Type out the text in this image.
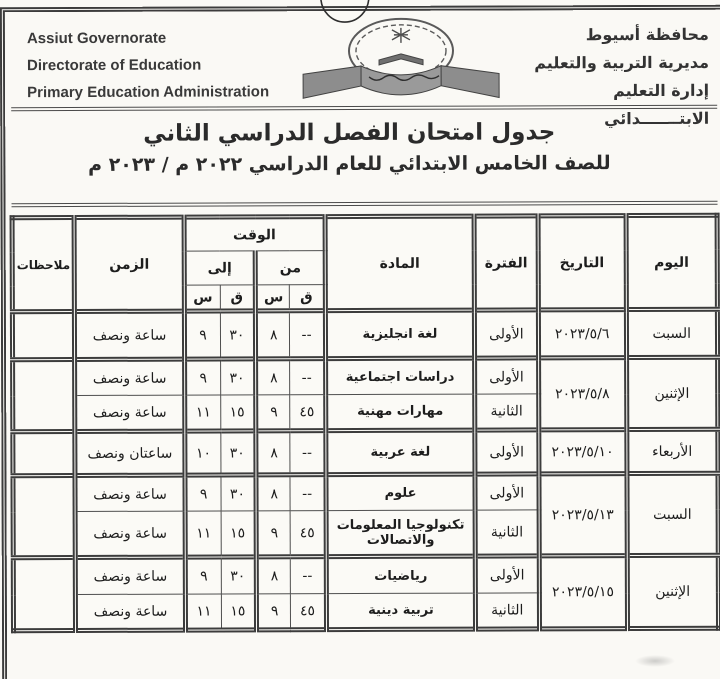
Assiut Governorate
Directorate of Education
Primary Education Administration
محافظة أسيوط
مديرية التربية والتعليم
إدارة التعليم الابتـــــــدائي
جدول امتحان الفصل الدراسي الثاني
للصف الخامس الابتدائي للعام الدراسي ٢٠٢٢ م / ٢٠٢٣ م
ملاحظات	الزمن	الوقت				المادة	الفترة	التاريخ	اليوم
		إلى		من					
		س	ق	س	ق				
	ساعة ونصف	٩	٣٠	٨	--	لغة انجليزية	الأولى	٢٠٢٣/٥/٦	السبت
	ساعة ونصف	٩	٣٠	٨	--	دراسات اجتماعية	الأولى	٢٠٢٣/٥/٨	الإثنين
	ساعة ونصف	١١	١٥	٩	٤٥	مهارات مهنية	الثانية		
	ساعتان ونصف	١٠	٣٠	٨	--	لغة عربية	الأولى	٢٠٢٣/٥/١٠	الأربعاء
	ساعة ونصف	٩	٣٠	٨	--	علوم	الأولى	٢٠٢٣/٥/١٣	السبت
	ساعة ونصف	١١	١٥	٩	٤٥	تكنولوجيا المعلومات والاتصالات	الثانية		
	ساعة ونصف	٩	٣٠	٨	--	رياضيات	الأولى	٢٠٢٣/٥/١٥	الإثنين
	ساعة ونصف	١١	١٥	٩	٤٥	تربية دينية	الثانية		
